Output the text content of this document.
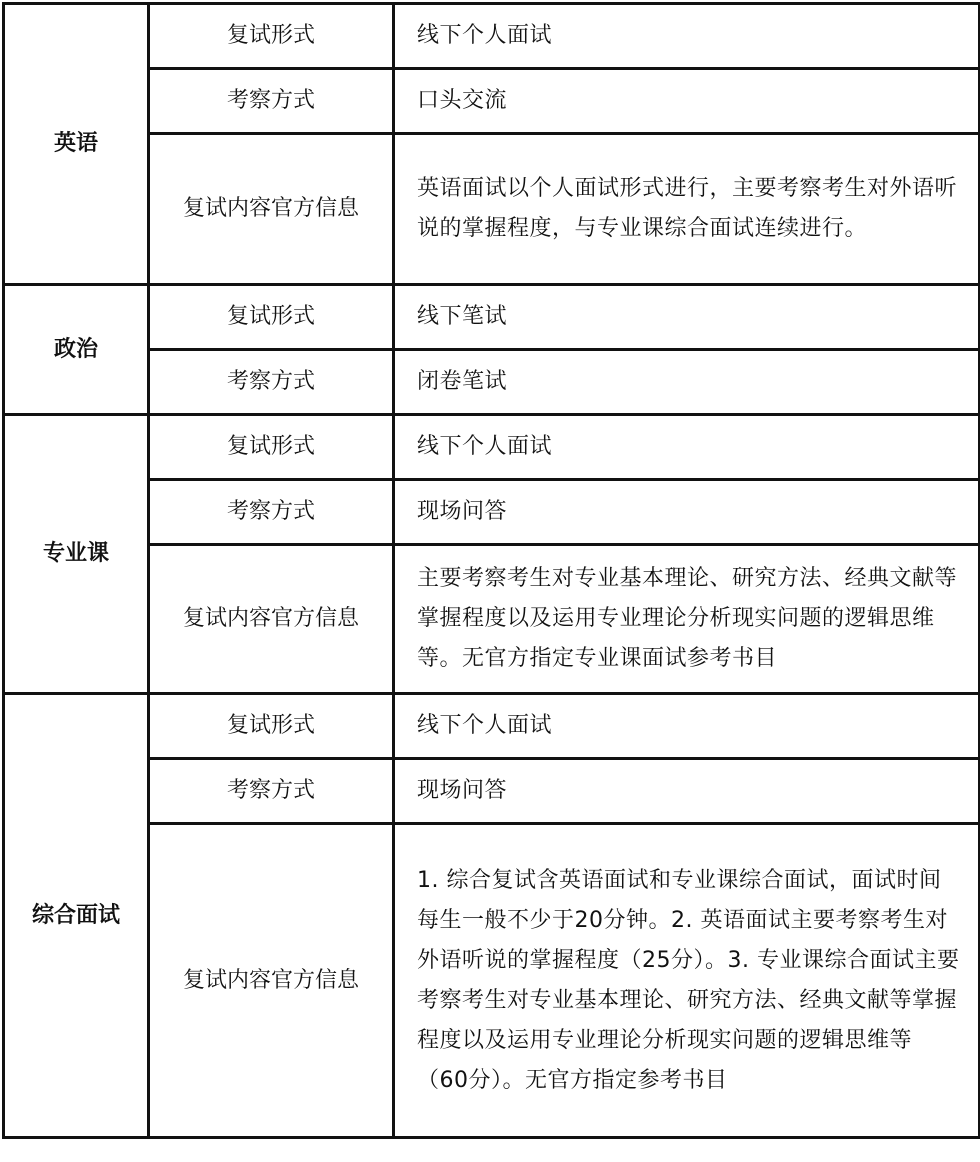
英语	复试形式	线下个人面试
	考察方式	口头交流
	复试内容官方信息	英语面试以个人面试形式进行，主要考察考生对外语听说的掌握程度，与专业课综合面试连续进行。
政治	复试形式	线下笔试
	考察方式	闭卷笔试
专业课	复试形式	线下个人面试
	考察方式	现场问答
	复试内容官方信息	主要考察考生对专业基本理论、研究方法、经典文献等掌握程度以及运用专业理论分析现实问题的逻辑思维等。无官方指定专业课面试参考书目
综合面试	复试形式	线下个人面试
	考察方式	现场问答
	复试内容官方信息	1. 综合复试含英语面试和专业课综合面试，面试时间每生一般不少于20分钟。2. 英语面试主要考察考生对外语听说的掌握程度（25分）。3. 专业课综合面试主要考察考生对专业基本理论、研究方法、经典文献等掌握程度以及运用专业理论分析现实问题的逻辑思维等（60分）。无官方指定参考书目
